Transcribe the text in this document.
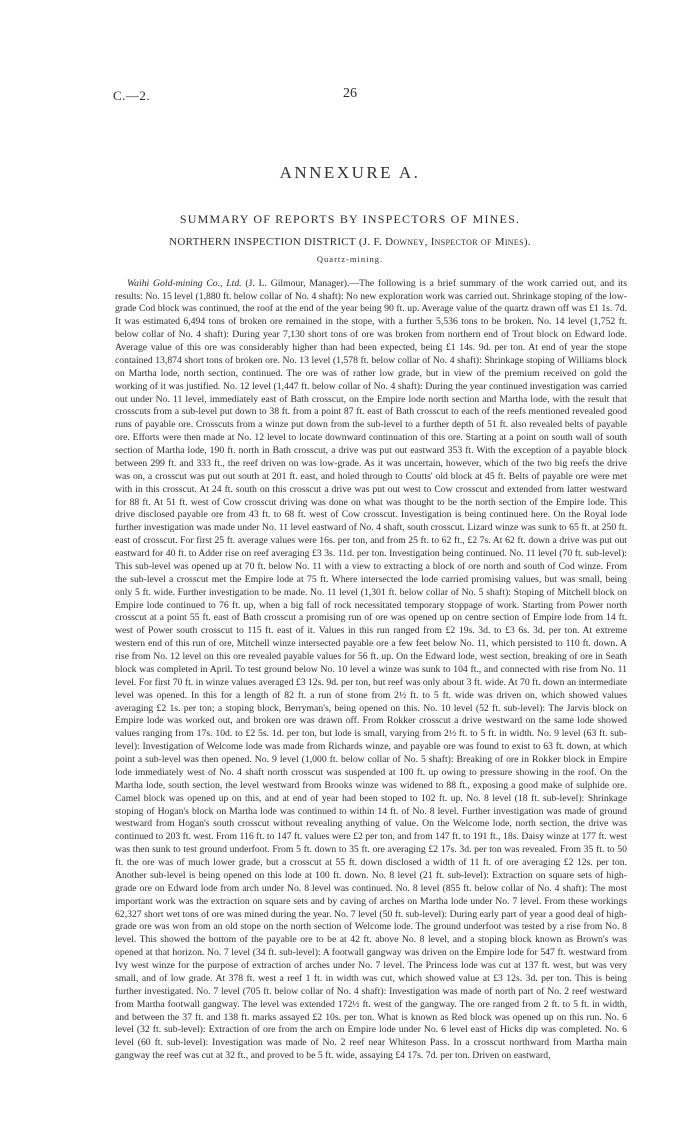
C.—2.	26
ANNEXURE A.
SUMMARY OF REPORTS BY INSPECTORS OF MINES.
NORTHERN INSPECTION DISTRICT (J. F. Downey, Inspector of Mines).
Quartz-mining.

Waihi Gold-mining Co., Ltd. (J. L. Gilmour, Manager).—The following is a brief summary of the work carried out, and its results: No. 15 level (1,880 ft. below collar of No. 4 shaft): No new exploration work was carried out. Shrinkage stoping of the low-grade Cod block was continued, the roof at the end of the year being 90 ft. up. Average value of the quartz drawn off was £1 1s. 7d. It was estimated 6,494 tons of broken ore remained in the stope, with a further 5,536 tons to be broken. No. 14 level (1,752 ft. below collar of No. 4 shaft): During year 7,130 short tons of ore was broken from northern end of Trout block on Edward lode. Average value of this ore was considerably higher than had been expected, being £1 14s. 9d. per ton. At end of year the stope contained 13,874 short tons of broken ore. No. 13 level (1,578 ft. below collar of No. 4 shaft): Shrinkage stoping of Williams block on Martha lode, north section, continued. The ore was of rather low grade, but in view of the premium received on gold the working of it was justified. No. 12 level (1,447 ft. below collar of No. 4 shaft): During the year continued investigation was carried out under No. 11 level, immediately east of Bath crosscut, on the Empire lode north section and Martha lode, with the result that crosscuts from a sub-level put down to 38 ft. from a point 87 ft. east of Bath crosscut to each of the reefs mentioned revealed good runs of payable ore. Crosscuts from a winze put down from the sub-level to a further depth of 51 ft. also revealed belts of payable ore. Efforts were then made at No. 12 level to locate downward continuation of this ore. Starting at a point on south wall of south section of Martha lode, 190 ft. north in Bath crosscut, a drive was put out eastward 353 ft. With the exception of a payable block between 299 ft. and 333 ft., the reef driven on was low-grade. As it was uncertain, however, which of the two big reefs the drive was on, a crosscut was put out south at 201 ft. east, and holed through to Coutts' old block at 45 ft. Belts of payable ore were met with in this crosscut. At 24 ft. south on this crosscut a drive was put out west to Cow crosscut and extended from latter westward for 88 ft. At 51 ft. west of Cow crosscut driving was done on what was thought to be the north section of the Empire lode. This drive disclosed payable ore from 43 ft. to 68 ft. west of Cow crosscut. Investigation is being continued here. On the Royal lode further investigation was made under No. 11 level eastward of No. 4 shaft, south crosscut. Lizard winze was sunk to 65 ft. at 250 ft. east of crosscut. For first 25 ft. average values were 16s. per ton, and from 25 ft. to 62 ft., £2 7s. At 62 ft. down a drive was put out eastward for 40 ft. to Adder rise on reef averaging £3 3s. 11d. per ton. Investigation being continued. No. 11 level (70 ft. sub-level): This sub-level was opened up at 70 ft. below No. 11 with a view to extracting a block of ore north and south of Cod winze. From the sub-level a crosscut met the Empire lode at 75 ft. Where intersected the lode carried promising values, but was small, being only 5 ft. wide. Further investigation to be made. No. 11 level (1,301 ft. below collar of No. 5 shaft): Stoping of Mitchell block on Empire lode continued to 76 ft. up, when a big fall of rock necessitated temporary stoppage of work. Starting from Power north crosscut at a point 55 ft. east of Bath crosscut a promising run of ore was opened up on centre section of Empire lode from 14 ft. west of Power south crosscut to 115 ft. east of it. Values in this run ranged from £2 19s. 3d. to £3 6s. 3d. per ton. At extreme western end of this run of ore, Mitchell winze intersected payable ore a few feet below No. 11, which persisted to 110 ft. down. A rise from No. 12 level on this ore revealed payable values for 56 ft. up. On the Edward lode, west section, breaking of ore in Seath block was completed in April. To test ground below No. 10 level a winze was sunk to 104 ft., and connected with rise from No. 11 level. For first 70 ft. in winze values averaged £3 12s. 9d. per ton, but reef was only about 3 ft. wide. At 70 ft. down an intermediate level was opened. In this for a length of 82 ft. a run of stone from 2½ ft. to 5 ft. wide was driven on, which showed values averaging £2 1s. per ton; a stoping block, Berryman's, being opened on this. No. 10 level (52 ft. sub-level): The Jarvis block on Empire lode was worked out, and broken ore was drawn off. From Rokker crosscut a drive westward on the same lode showed values ranging from 17s. 10d. to £2 5s. 1d. per ton, but lode is small, varying from 2½ ft. to 5 ft. in width. No. 9 level (63 ft. sub-level): Investigation of Welcome lode was made from Richards winze, and payable ore was found to exist to 63 ft. down, at which point a sub-level was then opened. No. 9 level (1,000 ft. below collar of No. 5 shaft): Breaking of ore in Rokker block in Empire lode immediately west of No. 4 shaft north crosscut was suspended at 100 ft. up owing to pressure showing in the roof. On the Martha lode, south section, the level westward from Brooks winze was widened to 88 ft., exposing a good make of sulphide ore. Camel block was opened up on this, and at end of year had been stoped to 102 ft. up. No. 8 level (18 ft. sub-level): Shrinkage stoping of Hogan's block on Martha lode was continued to within 14 ft. of No. 8 level. Further investigation was made of ground westward from Hogan's south crosscut without revealing anything of value. On the Welcome lode, north section, the drive was continued to 203 ft. west. From 116 ft. to 147 ft. values were £2 per ton, and from 147 ft. to 191 ft., 18s. Daisy winze at 177 ft. west was then sunk to test ground underfoot. From 5 ft. down to 35 ft. ore averaging £2 17s. 3d. per ton was revealed. From 35 ft. to 50 ft. the ore was of much lower grade, but a crosscut at 55 ft. down disclosed a width of 11 ft. of ore averaging £2 12s. per ton. Another sub-level is being opened on this lode at 100 ft. down. No. 8 level (21 ft. sub-level): Extraction on square sets of high-grade ore on Edward lode from arch under No. 8 level was continued. No. 8 level (855 ft. below collar of No. 4 shaft): The most important work was the extraction on square sets and by caving of arches on Martha lode under No. 7 level. From these workings 62,327 short wet tons of ore was mined during the year. No. 7 level (50 ft. sub-level): During early part of year a good deal of high-grade ore was won from an old stope on the north section of Welcome lode. The ground underfoot was tested by a rise from No. 8 level. This showed the bottom of the payable ore to be at 42 ft. above No. 8 level, and a stoping block known as Brown's was opened at that horizon. No. 7 level (34 ft. sub-level): A footwall gangway was driven on the Empire lode for 547 ft. westward from Ivy west winze for the purpose of extraction of arches under No. 7 level. The Princess lode was cut at 137 ft. west, but was very small, and of low grade. At 378 ft. west a reef 1 ft. in width was cut, which showed value at £3 12s. 3d. per ton. This is being further investigated. No. 7 level (705 ft. below collar of No. 4 shaft): Investigation was made of north part of No. 2 reef westward from Martha footwall gangway. The level was extended 172½ ft. west of the gangway. The ore ranged from 2 ft. to 5 ft. in width, and between the 37 ft. and 138 ft. marks assayed £2 10s. per ton. What is known as Red block was opened up on this run. No. 6 level (32 ft. sub-level): Extraction of ore from the arch on Empire lode under No. 6 level east of Hicks dip was completed. No. 6 level (60 ft. sub-level): Investigation was made of No. 2 reef near Whiteson Pass. In a crosscut northward from Martha main gangway the reef was cut at 32 ft., and proved to be 5 ft. wide, assaying £4 17s. 7d. per ton. Driven on eastward,
